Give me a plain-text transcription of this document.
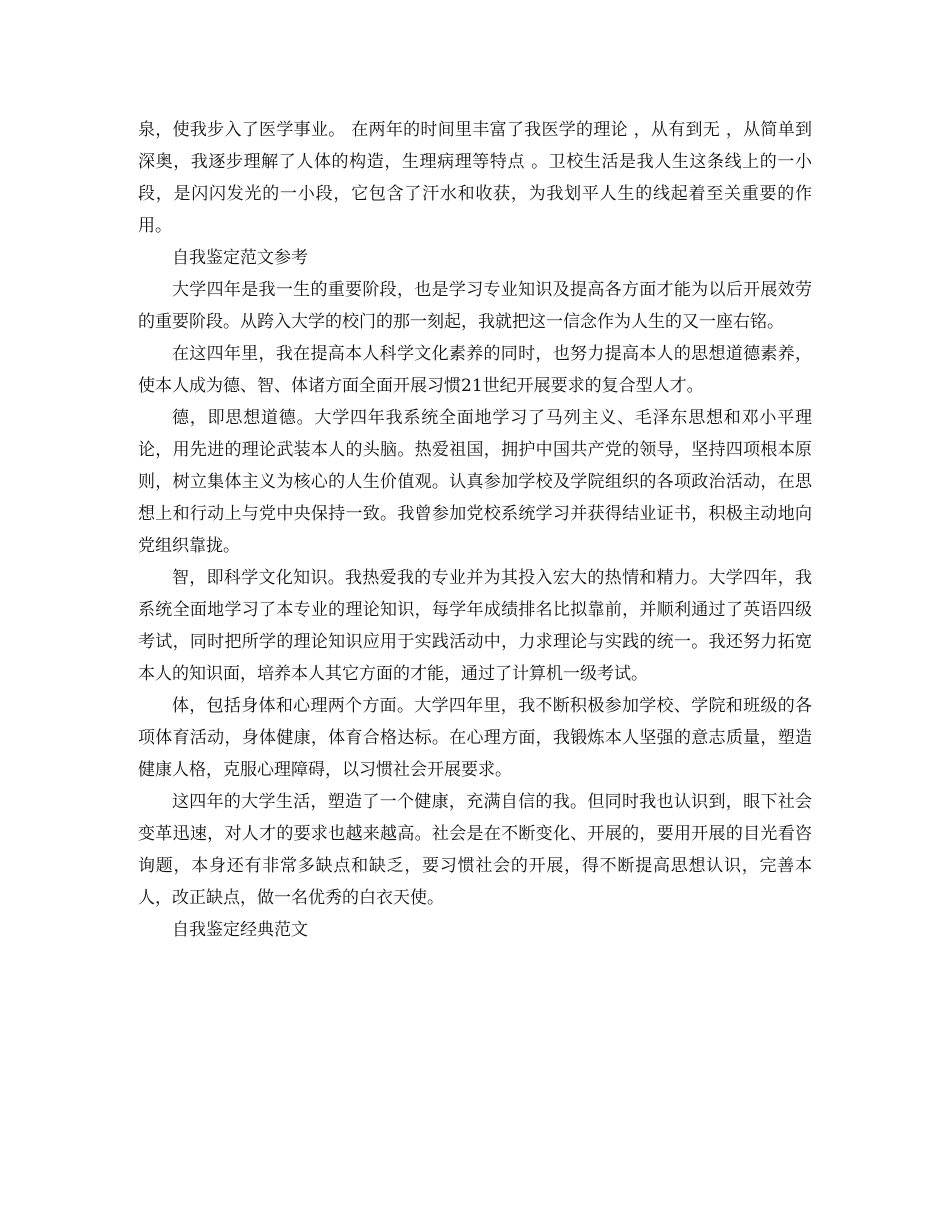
泉，使我步入了医学事业。 在两年的时间里丰富了我医学的理论 ，从有到无 ，从简单到深奥，我逐步理解了人体的构造，生理病理等特点 。卫校生活是我人生这条线上的一小段，是闪闪发光的一小段，它包含了汗水和收获，为我划平人生的线起着至关重要的作用。

自我鉴定范文参考

大学四年是我一生的重要阶段，也是学习专业知识及提高各方面才能为以后开展效劳的重要阶段。从跨入大学的校门的那一刻起，我就把这一信念作为人生的又一座右铭。

在这四年里，我在提高本人科学文化素养的同时，也努力提高本人的思想道德素养，使本人成为德、智、体诸方面全面开展习惯21世纪开展要求的复合型人才。

德，即思想道德。大学四年我系统全面地学习了马列主义、毛泽东思想和邓小平理论，用先进的理论武装本人的头脑。热爱祖国，拥护中国共产党的领导，坚持四项根本原则，树立集体主义为核心的人生价值观。认真参加学校及学院组织的各项政治活动，在思想上和行动上与党中央保持一致。我曾参加党校系统学习并获得结业证书，积极主动地向党组织靠拢。

智，即科学文化知识。我热爱我的专业并为其投入宏大的热情和精力。大学四年，我系统全面地学习了本专业的理论知识，每学年成绩排名比拟靠前，并顺利通过了英语四级考试，同时把所学的理论知识应用于实践活动中，力求理论与实践的统一。我还努力拓宽本人的知识面，培养本人其它方面的才能，通过了计算机一级考试。

体，包括身体和心理两个方面。大学四年里，我不断积极参加学校、学院和班级的各项体育活动，身体健康，体育合格达标。在心理方面，我锻炼本人坚强的意志质量，塑造健康人格，克服心理障碍，以习惯社会开展要求。

这四年的大学生活，塑造了一个健康，充满自信的我。但同时我也认识到，眼下社会变革迅速，对人才的要求也越来越高。社会是在不断变化、开展的，要用开展的目光看咨询题，本身还有非常多缺点和缺乏，要习惯社会的开展，得不断提高思想认识，完善本人，改正缺点，做一名优秀的白衣天使。

自我鉴定经典范文
